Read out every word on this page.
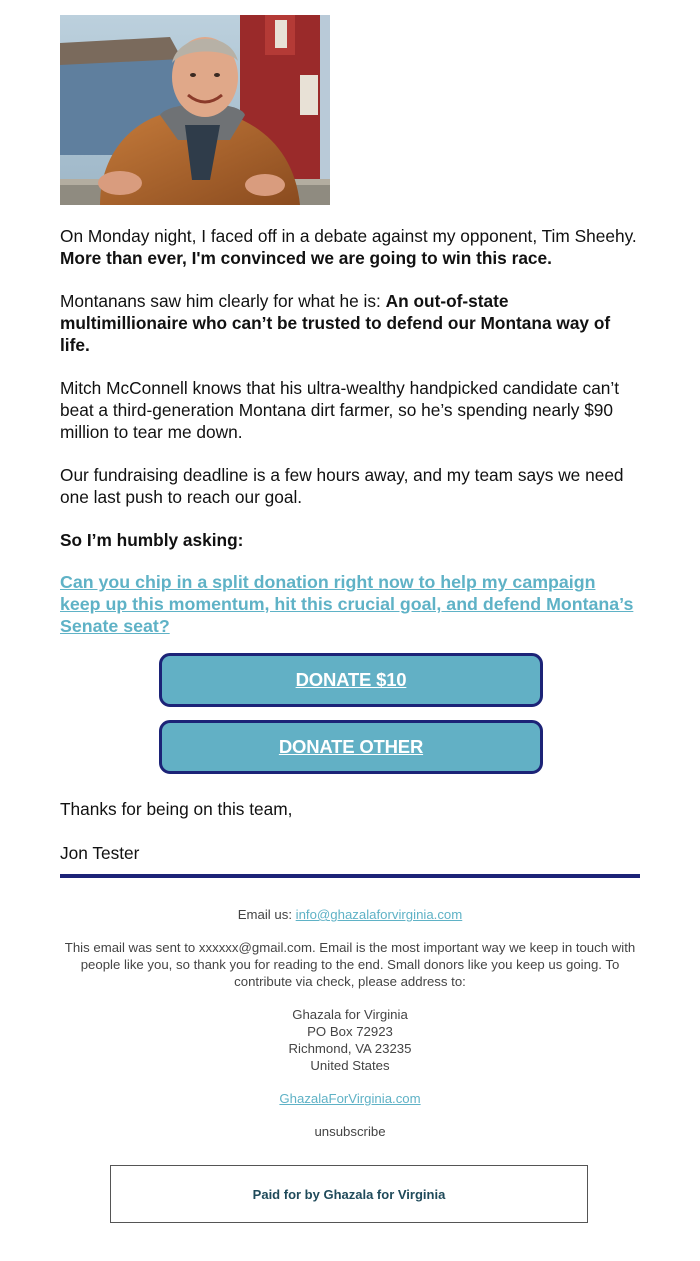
On Monday night, I faced off in a debate against my opponent, Tim Sheehy. More than ever, I'm convinced we are going to win this race.

Montanans saw him clearly for what he is: An out-of-state multimillionaire who can’t be trusted to defend our Montana way of life.

Mitch McConnell knows that his ultra-wealthy handpicked candidate can’t beat a third-generation Montana dirt farmer, so he’s spending nearly $90 million to tear me down.

Our fundraising deadline is a few hours away, and my team says we need one last push to reach our goal.

So I’m humbly asking:

Can you chip in a split donation right now to help my campaign keep up this momentum, hit this crucial goal, and defend Montana’s Senate seat?
DONATE $10
DONATE OTHER

Thanks for being on this team,

Jon Tester

Email us: info@ghazalaforvirginia.com

This email was sent to xxxxxx@gmail.com. Email is the most important way we keep in touch with people like you, so thank you for reading to the end. Small donors like you keep us going. To contribute via check, please address to:

Ghazala for Virginia
PO Box 72923
Richmond, VA 23235
United States

GhazalaForVirginia.com

unsubscribe

Paid for by Ghazala for Virginia
